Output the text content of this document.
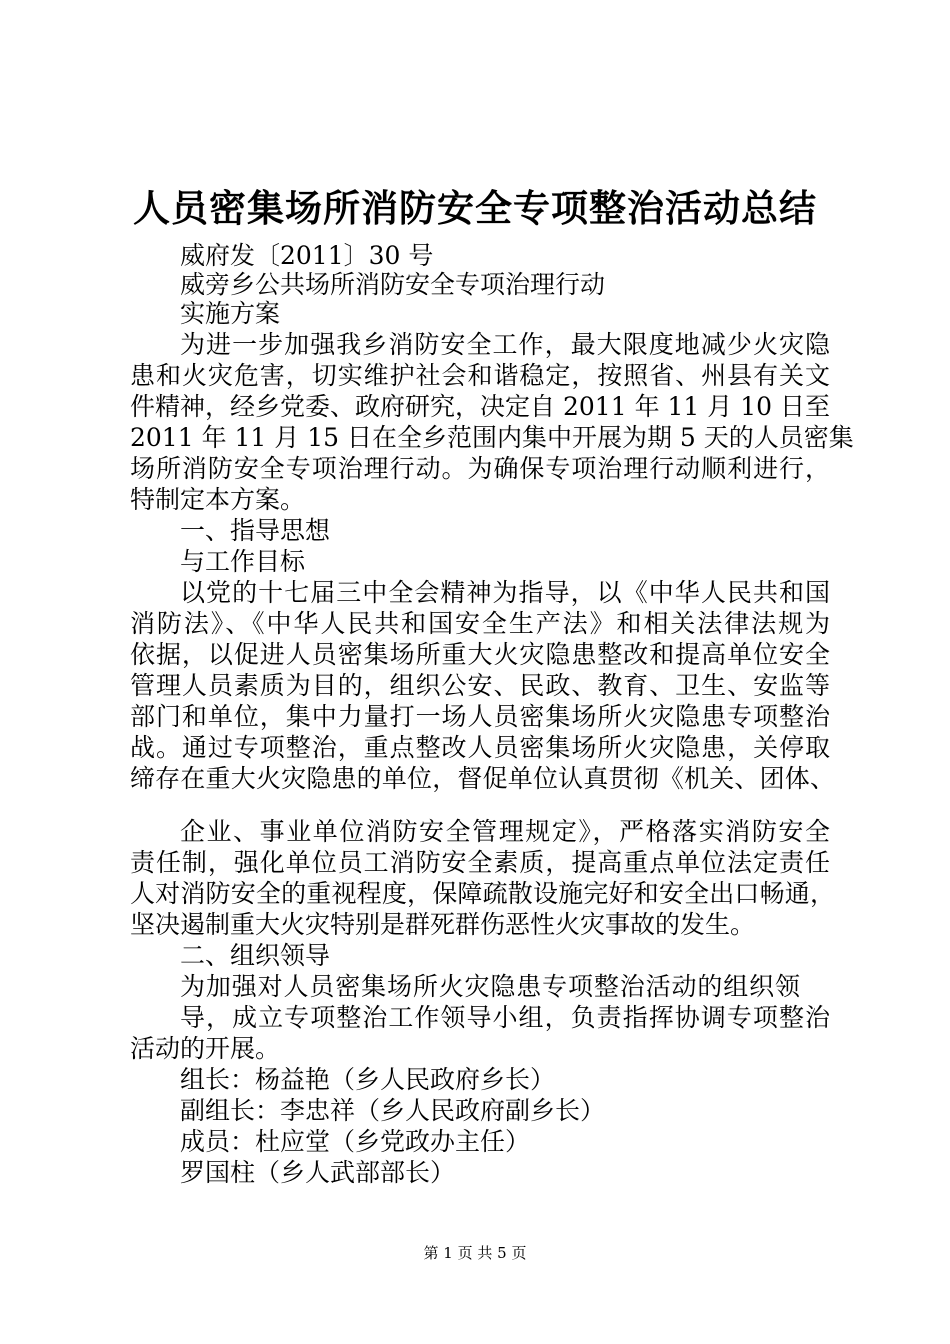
人员密集场所消防安全专项整治活动总结
威府发〔2011〕30 号
威旁乡公共场所消防安全专项治理行动
实施方案
为进一步加强我乡消防安全工作，最大限度地减少火灾隐
患和火灾危害，切实维护社会和谐稳定，按照省、州县有关文
件精神，经乡党委、政府研究，决定自 2011 年 11 月 10 日至
2011 年 11 月 15 日在全乡范围内集中开展为期 5 天的人员密集
场所消防安全专项治理行动。为确保专项治理行动顺利进行，
特制定本方案。
一、指导思想
与工作目标
以党的十七届三中全会精神为指导，以《中华人民共和国
消防法》、《中华人民共和国安全生产法》和相关法律法规为
依据，以促进人员密集场所重大火灾隐患整改和提高单位安全
管理人员素质为目的，组织公安、民政、教育、卫生、安监等
部门和单位，集中力量打一场人员密集场所火灾隐患专项整治
战。通过专项整治，重点整改人员密集场所火灾隐患，关停取
缔存在重大火灾隐患的单位，督促单位认真贯彻《机关、团体、
企业、事业单位消防安全管理规定》，严格落实消防安全
责任制，强化单位员工消防安全素质，提高重点单位法定责任
人对消防安全的重视程度，保障疏散设施完好和安全出口畅通，
坚决遏制重大火灾特别是群死群伤恶性火灾事故的发生。
二、组织领导
为加强对人员密集场所火灾隐患专项整治活动的组织领
导，成立专项整治工作领导小组，负责指挥协调专项整治
活动的开展。
组长：杨益艳（乡人民政府乡长）
副组长：李忠祥（乡人民政府副乡长）
成员：杜应堂（乡党政办主任）
罗国柱（乡人武部部长）
第 1 页 共 5 页
